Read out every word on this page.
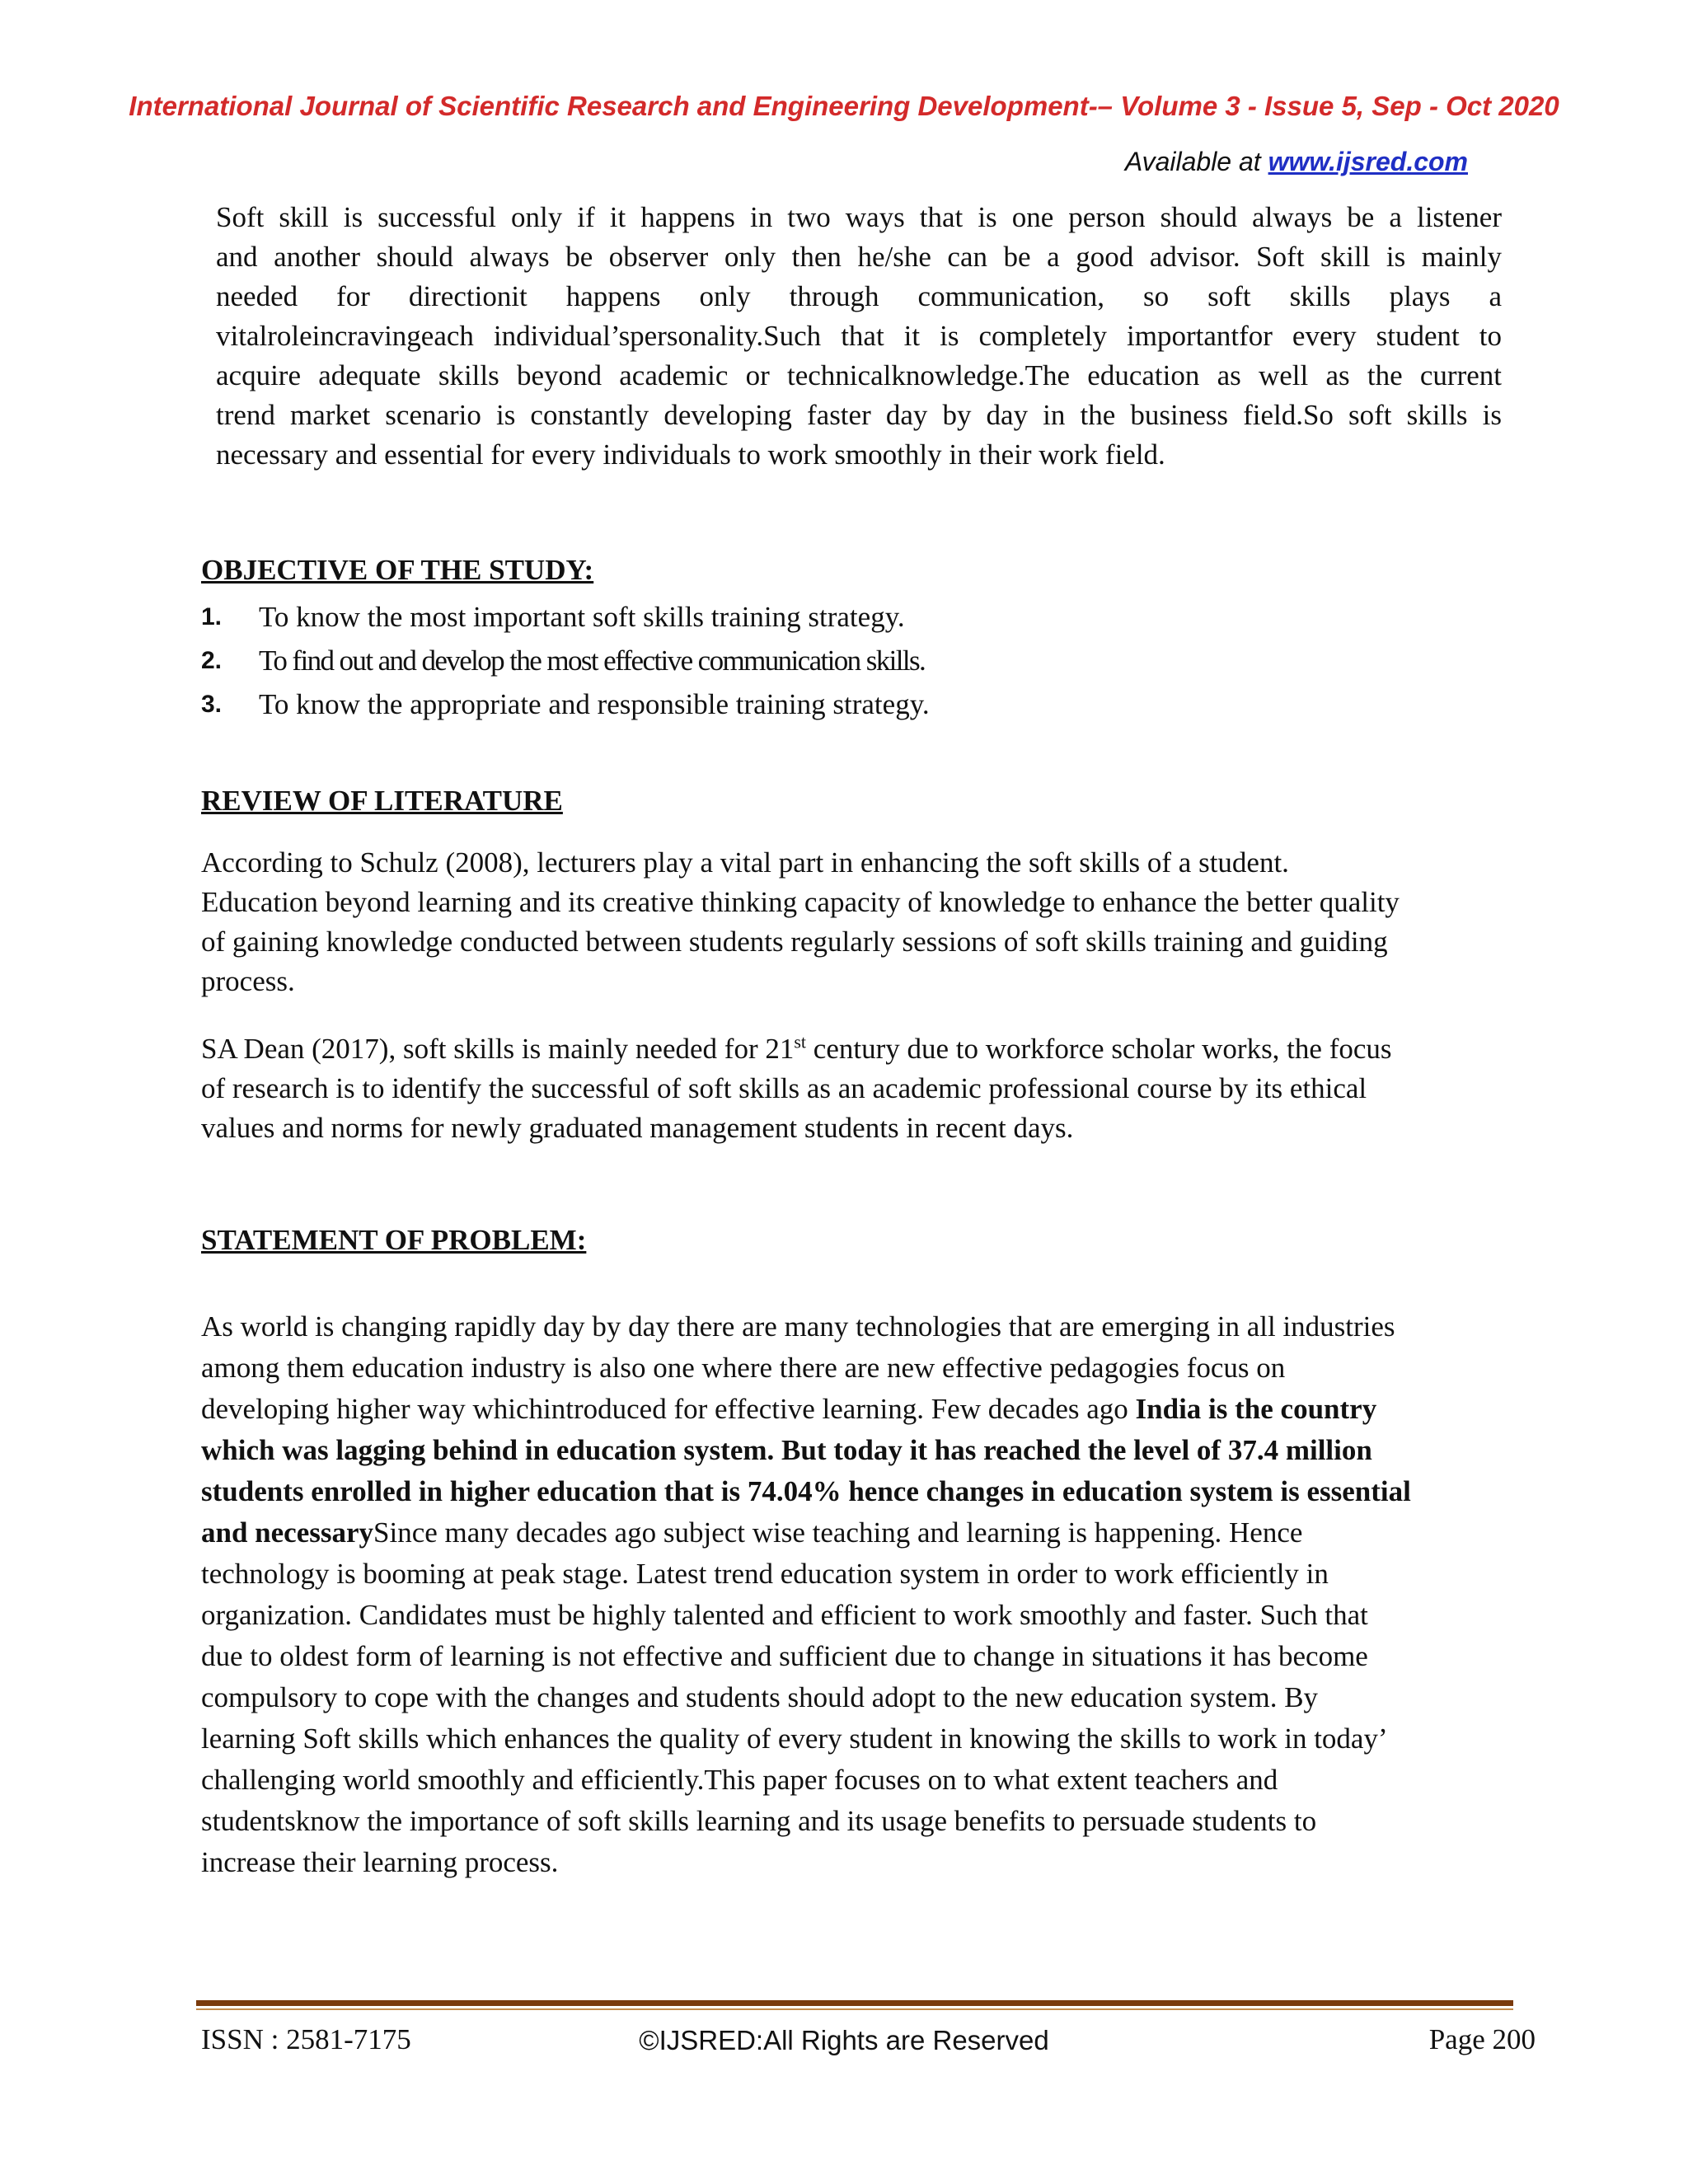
International Journal of Scientific Research and Engineering Development-– Volume 3 - Issue 5, Sep - Oct 2020
Available at www.ijsred.com
Soft skill is successful only if it happens in two ways that is one person should always be a listener
and another should always be observer only then he/she can be a good advisor. Soft skill is mainly
needed for directionit happens only through communication, so soft skills plays a
vitalroleincravingeach individual’spersonality.Such that it is completely importantfor every student to
acquire adequate skills beyond academic or technicalknowledge.The education as well as the current
trend market scenario is constantly developing faster day by day in the business field.So soft skills is
necessary and essential for every individuals to work smoothly in their work field.
OBJECTIVE OF THE STUDY:
1. To know the most important soft skills training strategy.
2. To find out and develop the most effective communication skills.
3. To know the appropriate and responsible training strategy.
REVIEW OF LITERATURE
According to Schulz (2008), lecturers play a vital part in enhancing the soft skills of a student.
Education beyond learning and its creative thinking capacity of knowledge to enhance the better quality
of gaining knowledge conducted between students regularly sessions of soft skills training and guiding
process.
SA Dean (2017), soft skills is mainly needed for 21st century due to workforce scholar works, the focus
of research is to identify the successful of soft skills as an academic professional course by its ethical
values and norms for newly graduated management students in recent days.
STATEMENT OF PROBLEM:
As world is changing rapidly day by day there are many technologies that are emerging in all industries
among them education industry is also one where there are new effective pedagogies focus on
developing higher way whichintroduced for effective learning. Few decades ago India is the country
which was lagging behind in education system. But today it has reached the level of 37.4 million
students enrolled in higher education that is 74.04% hence changes in education system is essential
and necessarySince many decades ago subject wise teaching and learning is happening. Hence
technology is booming at peak stage. Latest trend education system in order to work efficiently in
organization. Candidates must be highly talented and efficient to work smoothly and faster. Such that
due to oldest form of learning is not effective and sufficient due to change in situations it has become
compulsory to cope with the changes and students should adopt to the new education system. By
learning Soft skills which enhances the quality of every student in knowing the skills to work in today’
challenging world smoothly and efficiently.This paper focuses on to what extent teachers and
studentsknow the importance of soft skills learning and its usage benefits to persuade students to
increase their learning process.
ISSN : 2581-7175	©IJSRED:All Rights are Reserved	Page 200
